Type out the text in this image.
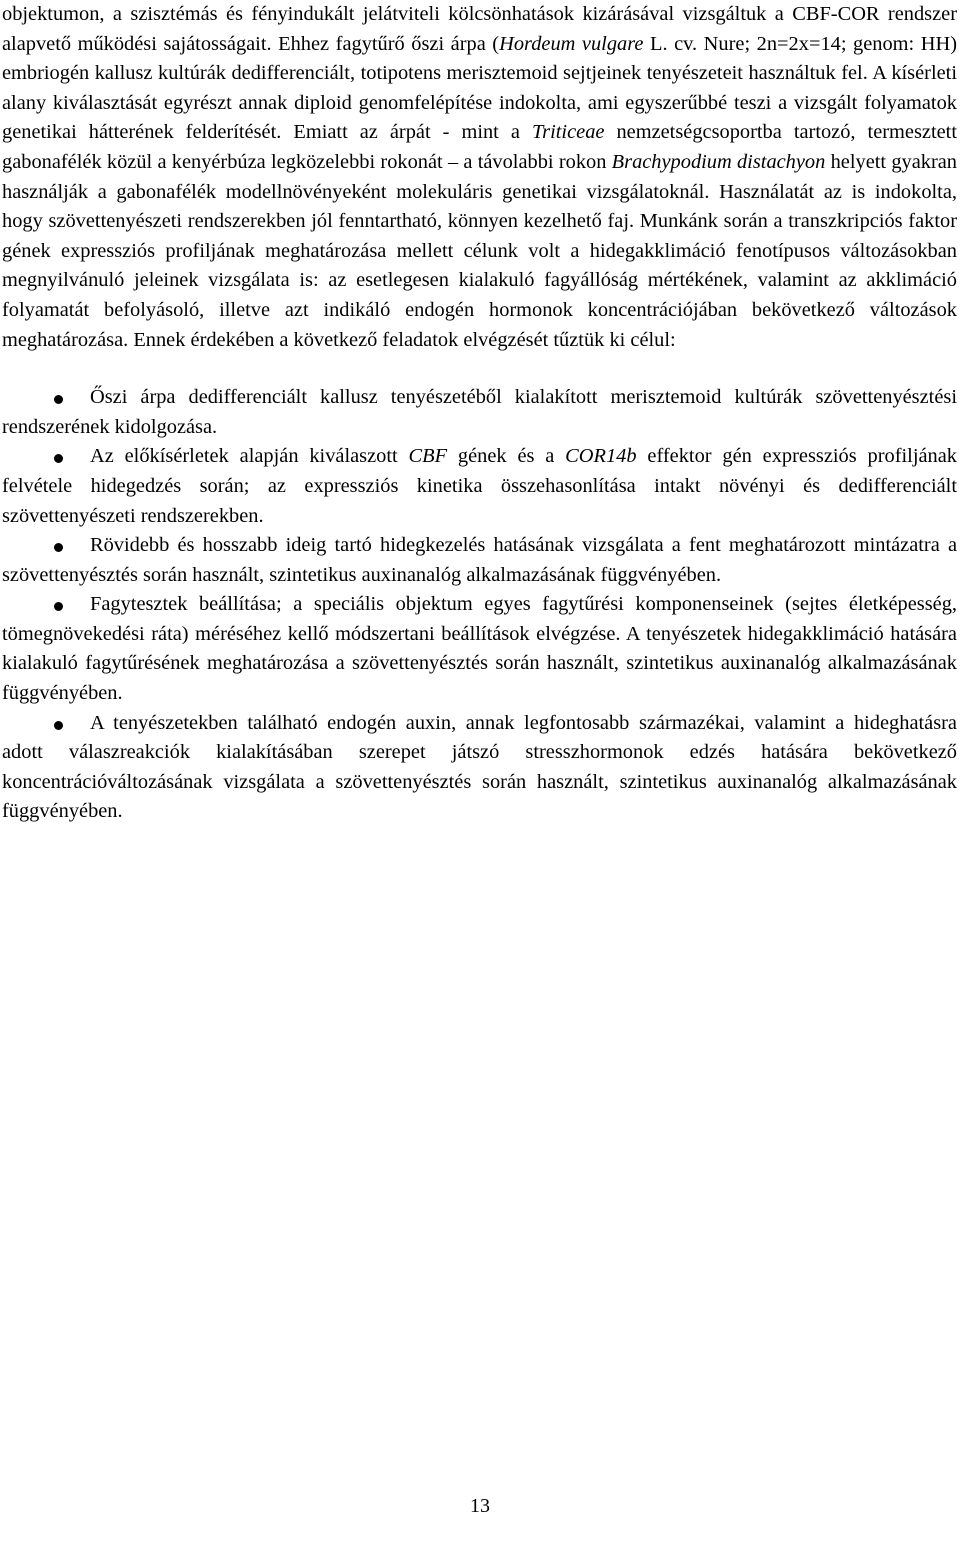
objektumon, a szisztémás és fényindukált jelátviteli kölcsönhatások kizárásával vizsgáltuk a CBF-COR rendszer alapvető működési sajátosságait. Ehhez fagytűrő őszi árpa (Hordeum vulgare L. cv. Nure; 2n=2x=14; genom: HH) embriogén kallusz kultúrák dedifferenciált, totipotens merisztemoid sejtjeinek tenyészeteit használtuk fel. A kísérleti alany kiválasztását egyrészt annak diploid genomfelépítése indokolta, ami egyszerűbbé teszi a vizsgált folyamatok genetikai hátterének felderítését. Emiatt az árpát - mint a Triticeae nemzetségcsoportba tartozó, termesztett gabonafélék közül a kenyérbúza legközelebbi rokonát – a távolabbi rokon Brachypodium distachyon helyett gyakran használják a gabonafélék modellnövényeként molekuláris genetikai vizsgálatoknál. Használatát az is indokolta, hogy szövettenyészeti rendszerekben jól fenntartható, könnyen kezelhető faj. Munkánk során a transzkripciós faktor gének expressziós profiljának meghatározása mellett célunk volt a hidegakklimáció fenotípusos változásokban megnyilvánuló jeleinek vizsgálata is: az esetlegesen kialakuló fagyállóság mértékének, valamint az akklimáció folyamatát befolyásoló, illetve azt indikáló endogén hormonok koncentrációjában bekövetkező változások meghatározása. Ennek érdekében a következő feladatok elvégzését tűztük ki célul:

Őszi árpa dedifferenciált kallusz tenyészetéből kialakított merisztemoid kultúrák szövettenyésztési rendszerének kidolgozása.
Az előkísérletek alapján kiválaszott CBF gének és a COR14b effektor gén expressziós profiljának felvétele hidegedzés során; az expressziós kinetika összehasonlítása intakt növényi és dedifferenciált szövettenyészeti rendszerekben.
Rövidebb és hosszabb ideig tartó hidegkezelés hatásának vizsgálata a fent meghatározott mintázatra a szövettenyésztés során használt, szintetikus auxinanalóg alkalmazásának függvényében.
Fagytesztek beállítása; a speciális objektum egyes fagytűrési komponenseinek (sejtes életképesség, tömegnövekedési ráta) méréséhez kellő módszertani beállítások elvégzése. A tenyészetek hidegakklimáció hatására kialakuló fagytűrésének meghatározása a szövettenyésztés során használt, szintetikus auxinanalóg alkalmazásának függvényében.
A tenyészetekben található endogén auxin, annak legfontosabb származékai, valamint a hideghatásra adott válaszreakciók kialakításában szerepet játszó stresszhormonok edzés hatására bekövetkező koncentrációváltozásának vizsgálata a szövettenyésztés során használt, szintetikus auxinanalóg alkalmazásának függvényében.
13
